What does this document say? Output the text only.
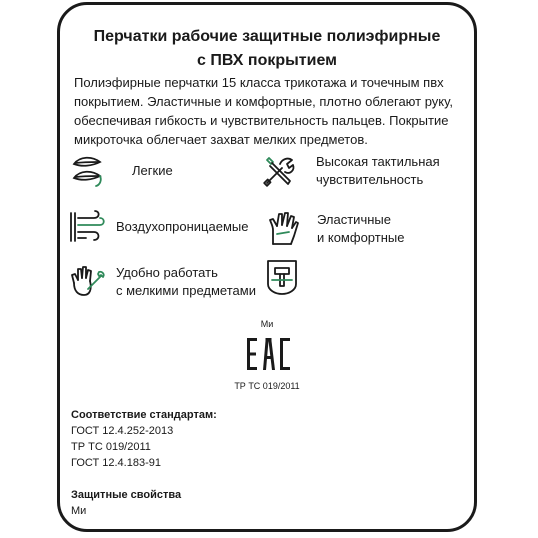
Перчатки рабочие защитные полиэфирные
с ПВХ покрытием
Полиэфирные перчатки 15 класса трикотажа и точечным пвх покрытием. Эластичные и комфортные, плотно облегают руку, обеспечивая гибкость и чувствительность пальцев. Покрытие микроточка облегчает захват мелких предметов.
Легкие
Высокая тактильная
чувствительность
Воздухопроницаемые	Эластичные
и комфортные
Удобно работать
с мелкими предметами
Ми
ТР ТС 019/2011
Соответствие стандартам:
ГОСТ 12.4.252-2013
ТР ТС 019/2011
ГОСТ 12.4.183-91
Защитные свойства
Ми
